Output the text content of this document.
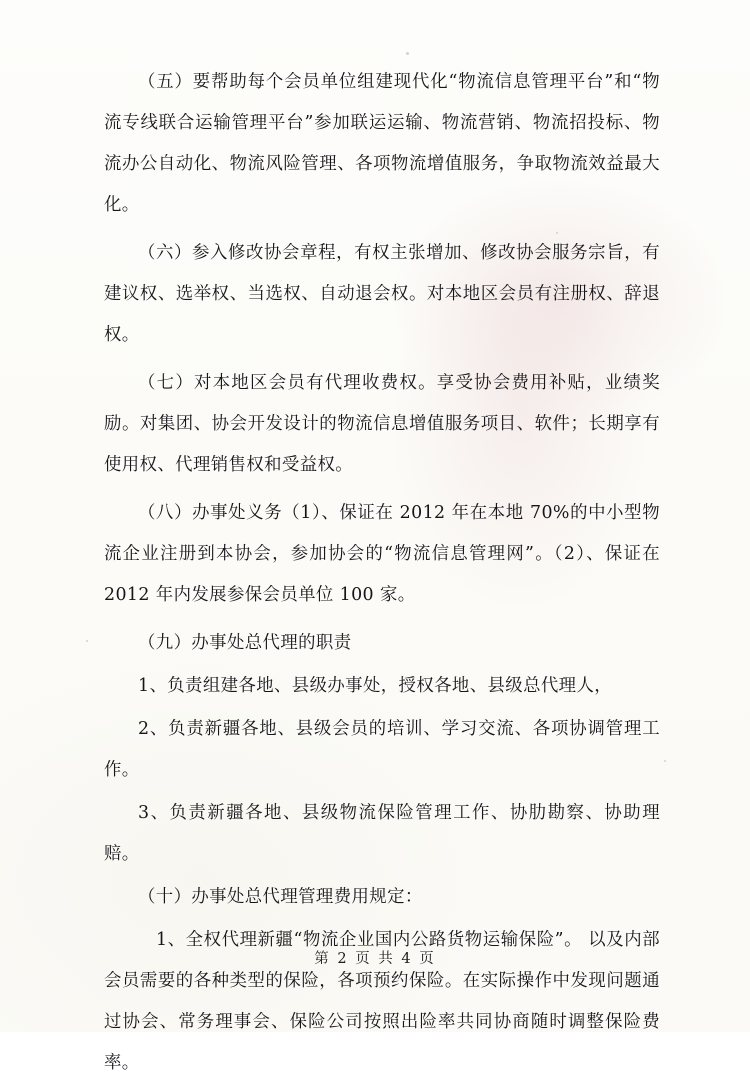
（五）要帮助每个会员单位组建现代化“物流信息管理平台”和“物流专线联合运输管理平台”参加联运运输、物流营销、物流招投标、物流办公自动化、物流风险管理、各项物流增值服务，争取物流效益最大化。

（六）参入修改协会章程，有权主张增加、修改协会服务宗旨，有建议权、选举权、当选权、自动退会权。对本地区会员有注册权、辞退权。

（七）对本地区会员有代理收费权。享受协会费用补贴，业绩奖励。对集团、协会开发设计的物流信息增值服务项目、软件；长期享有使用权、代理销售权和受益权。

（八）办事处义务（1）、保证在 2012 年在本地 70%的中小型物流企业注册到本协会，参加协会的“物流信息管理网”。（2）、保证在 2012 年内发展参保会员单位 100 家。

（九）办事处总代理的职责

1、负责组建各地、县级办事处，授权各地、县级总代理人，

2、负责新疆各地、县级会员的培训、学习交流、各项协调管理工作。

3、负责新疆各地、县级物流保险管理工作、协肋勘察、协助理赔。

（十）办事处总代理管理费用规定：

1、全权代理新疆“物流企业国内公路货物运输保险”。 以及内部会员需要的各种类型的保险，各项预约保险。在实际操作中发现问题通过协会、常务理事会、保险公司按照出险率共同协商随时调整保险费率。

第 2 页 共 4 页
